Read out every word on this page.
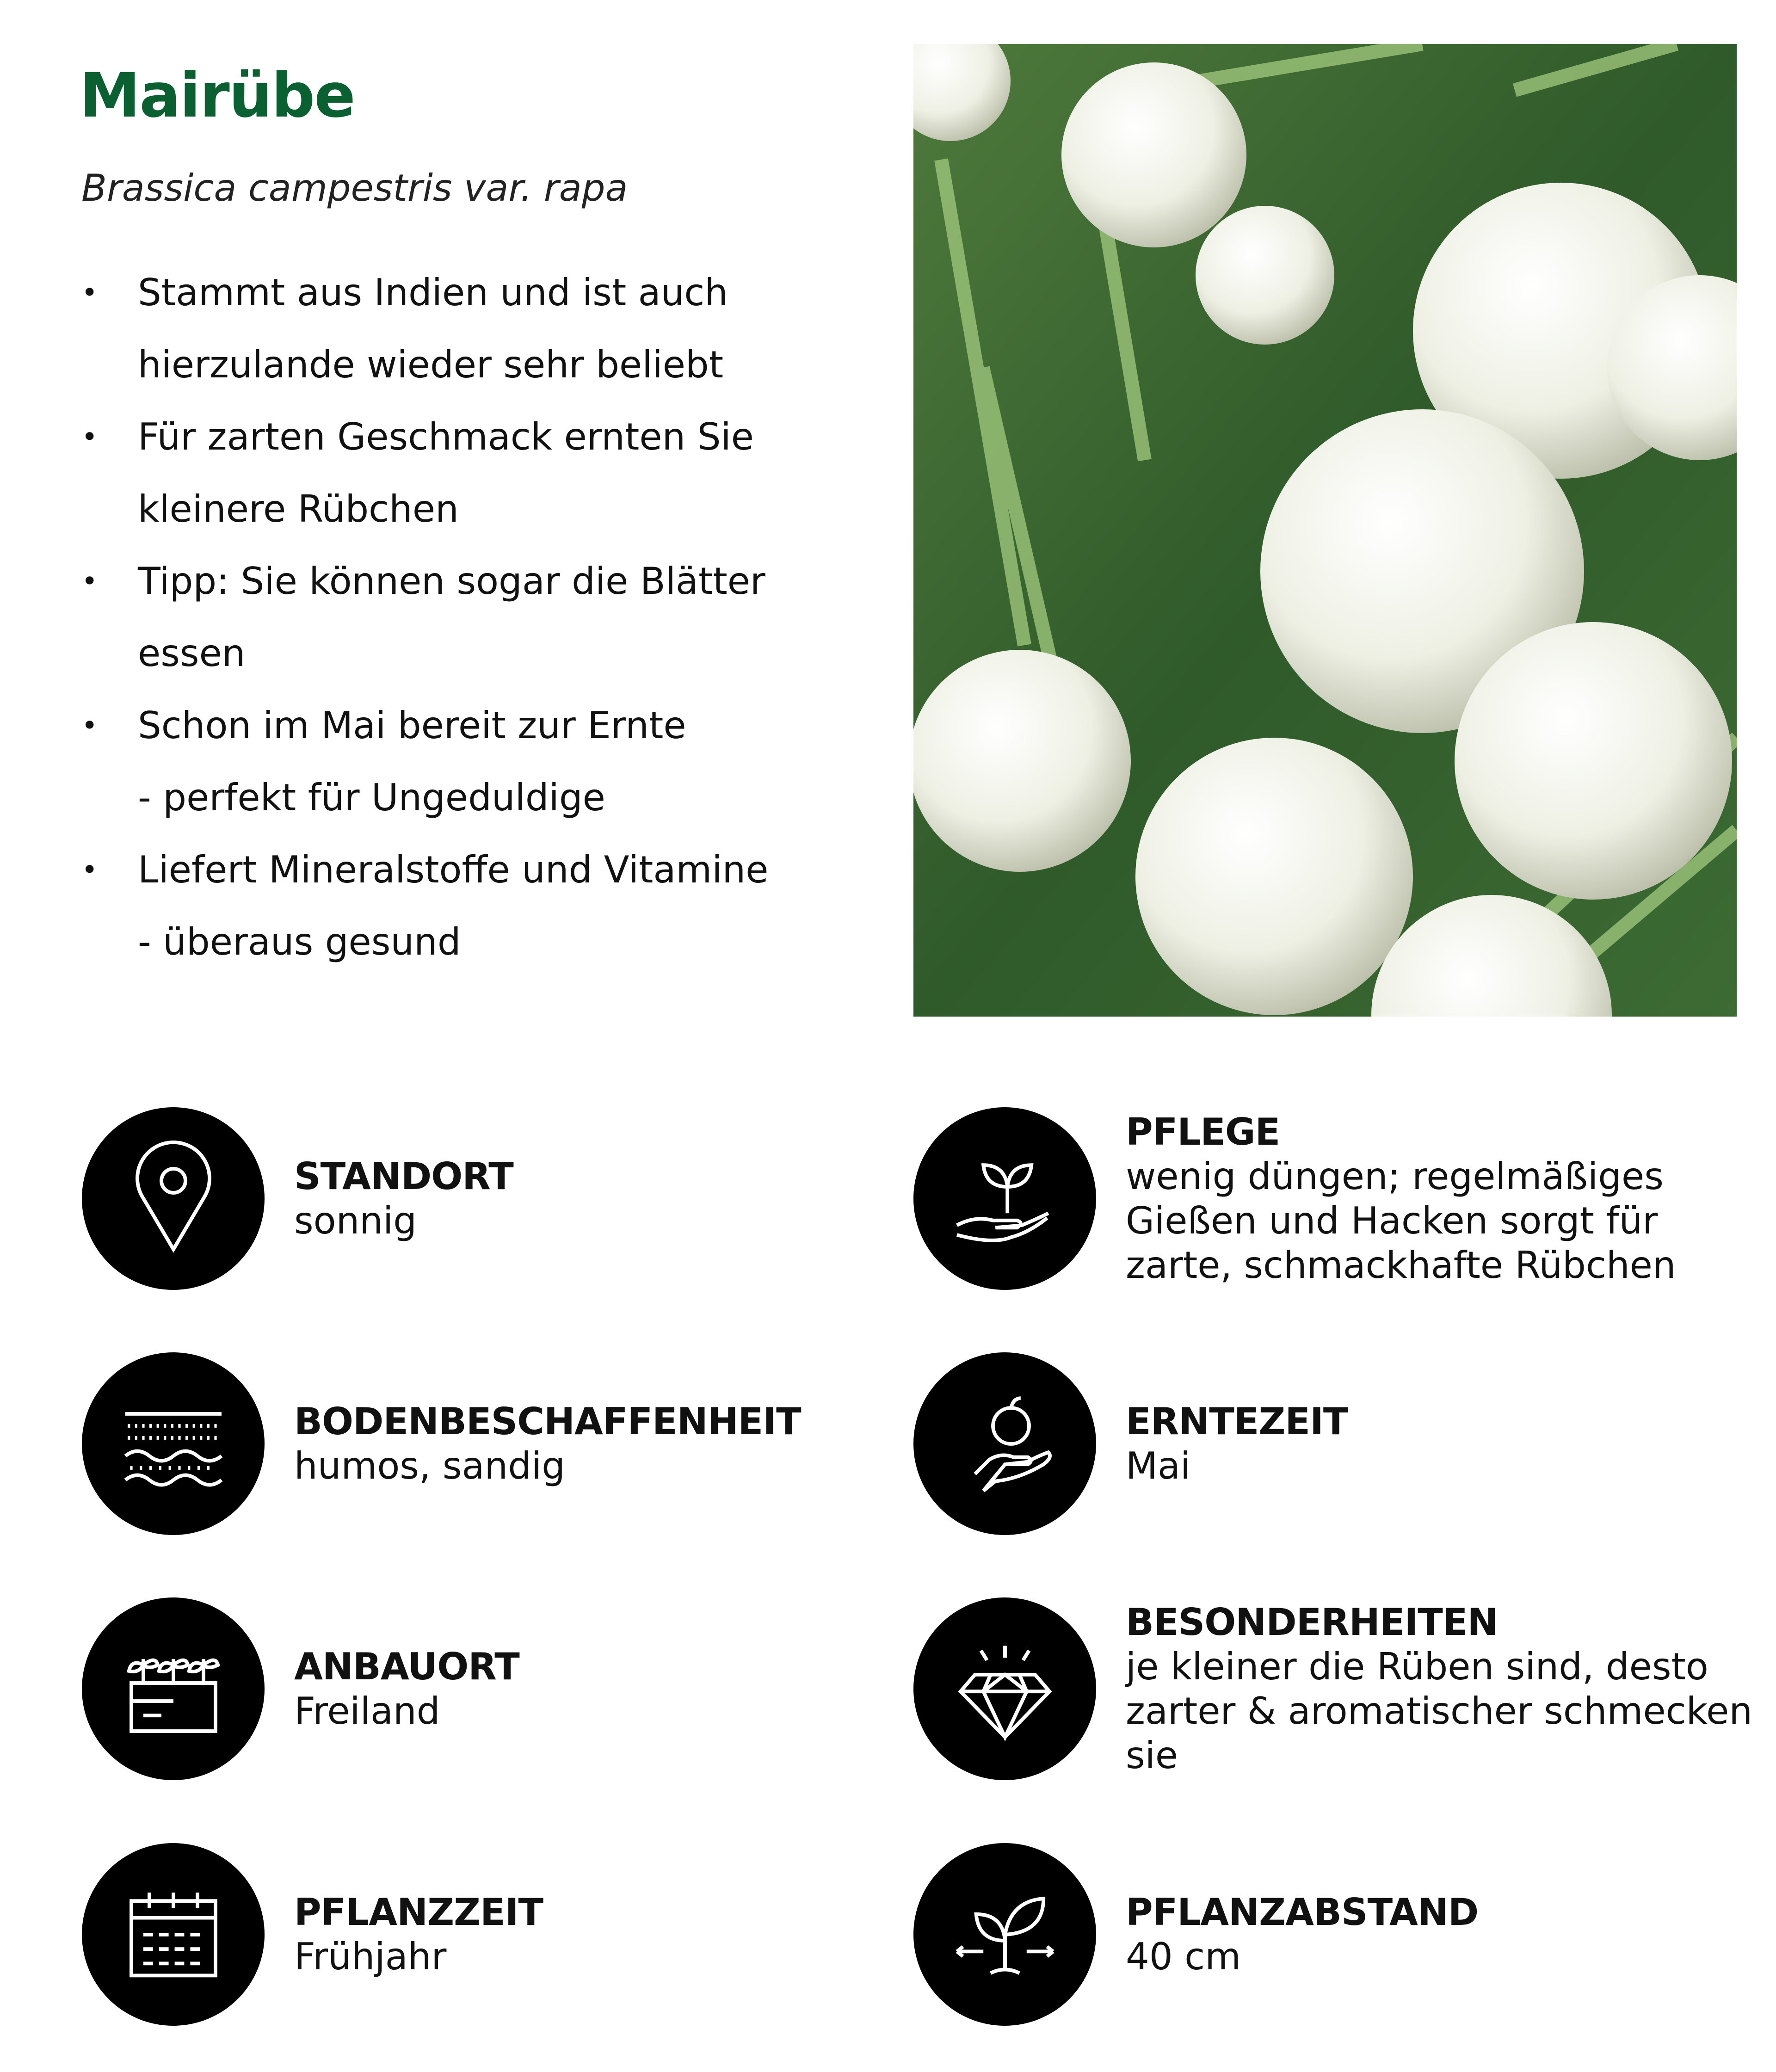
Mairübe
Brassica campestris var. rapa
• Stammt aus Indien und ist auch
hierzulande wieder sehr beliebt
• Für zarten Geschmack ernten Sie
kleinere Rübchen
• Tipp: Sie können sogar die Blätter essen
• Schon im Mai bereit zur Ernte
- perfekt für Ungeduldige
• Liefert Mineralstoffe und Vitamine
- überaus gesund
STANDORT
sonnig
BODENBESCHAFFENHEIT
humos, sandig
ANBAUORT
Freiland
PFLANZZEIT
Frühjahr
PFLEGE
wenig düngen; regelmäßiges Gießen und Hacken sorgt für zarte, schmackhafte Rübchen
ERNTEZEIT
Mai
BESONDERHEITEN
je kleiner die Rüben sind, desto zarter & aromatischer schmecken sie
PFLANZABSTAND
40 cm
